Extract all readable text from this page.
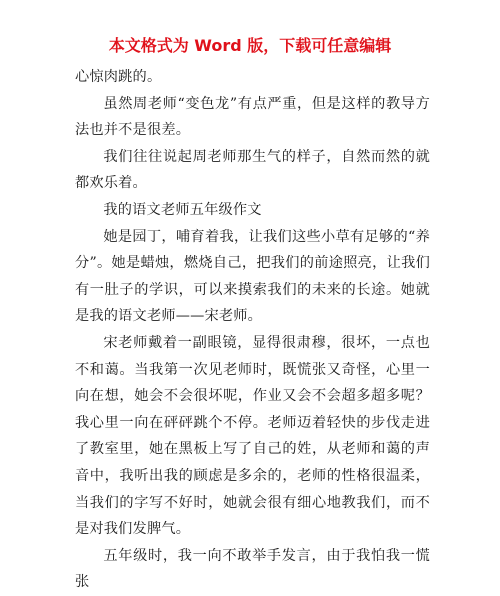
本文格式为 Word 版，下载可任意编辑

心惊肉跳的。

虽然周老师“变色龙”有点严重，但是这样的教导方法也并不是很差。

我们往往说起周老师那生气的样子，自然而然的就都欢乐着。

我的语文老师五年级作文

她是园丁，哺育着我，让我们这些小草有足够的“养分”。她是蜡烛，燃烧自己，把我们的前途照亮，让我们有一肚子的学识，可以来摸索我们的未来的长途。她就是我的语文老师——宋老师。

宋老师戴着一副眼镜，显得很肃穆，很坏，一点也不和蔼。当我第一次见老师时，既慌张又奇怪，心里一向在想，她会不会很坏呢，作业又会不会超多超多呢？我心里一向在砰砰跳个不停。老师迈着轻快的步伐走进了教室里，她在黑板上写了自己的姓，从老师和蔼的声音中，我听出我的顾虑是多余的，老师的性格很温柔，当我们的字写不好时，她就会很有细心地教我们，而不是对我们发脾气。

五年级时，我一向不敢举手发言，由于我怕我一慌张
